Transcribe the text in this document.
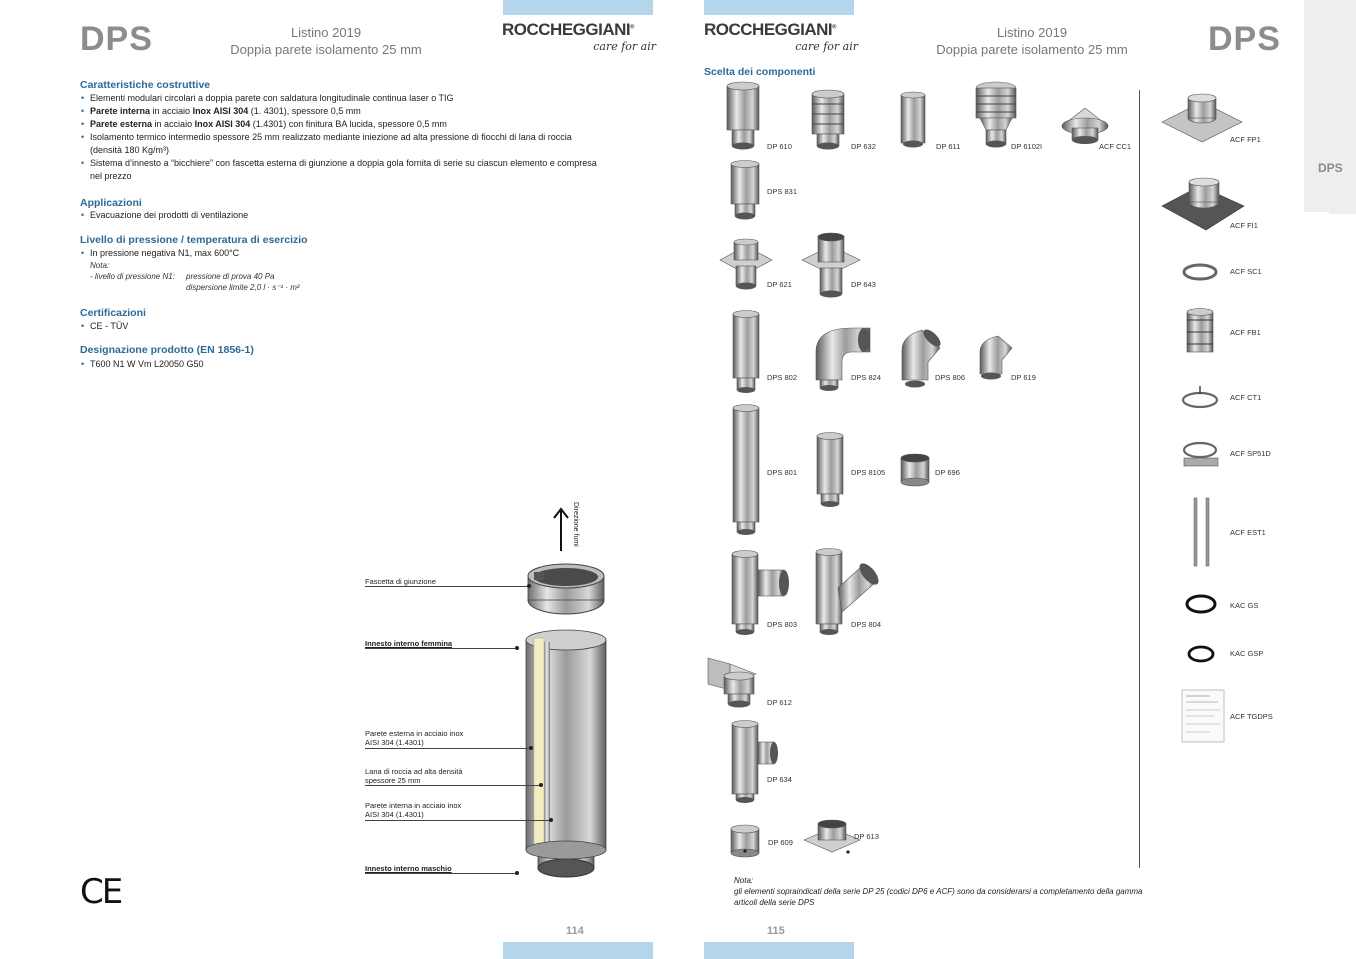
DPS	Listino 2019
Doppia parete isolamento 25 mm
ROCCHEGGIANI®
care for air
Caratteristiche costruttive
• Elementi modulari circolari a doppia parete con saldatura longitudinale continua laser o TIG
• Parete interna in acciaio Inox AISI 304 (1. 4301), spessore 0,5 mm
• Parete esterna in acciaio Inox AISI 304 (1.4301) con finitura BA lucida, spessore 0,5 mm
• Isolamento termico intermedio spessore 25 mm realizzato mediante iniezione ad alta pressione di fiocchi di lana di roccia
(densità 180 Kg/m³)
• Sistema d’innesto a “bicchiere” con fascetta esterna di giunzione a doppia gola fornita di serie su ciascun elemento e compresa
nel prezzo
Applicazioni
• Evacuazione dei prodotti di ventilazione
Livello di pressione / temperatura di esercizio
• In pressione negativa N1, max 600°C
Nota:
- livello di pressione N1: pressione di prova 40 Pa
dispersione limite 2,0 l · s⁻¹ · m²
Certificazioni
• CE - TÜV
Designazione prodotto (EN 1856-1)
• T600 N1 W Vm L20050 G50
Direzione fumi
Fascetta di giunzione
Innesto interno femmina
Parete esterna in acciaio inox
AISI 304 (1.4301)
Lana di roccia ad alta densità
spessore 25 mm
Parete interna in acciaio inox
AISI 304 (1.4301)
Innesto interno maschio
CE
114
DPS
ROCCHEGGIANI®
care for air
Listino 2019
Doppia parete isolamento 25 mm	DPS
Scelta dei componenti
DP 610	DP 632	DP 611	DP 6102I	ACF CC1
DPS 831
DP 621	DP 643
DPS 802	DPS 824	DPS 806	DP 619
DPS 801	DPS 8105	DP 696
DPS 803	DPS 804
DP 612
DP 634
DP 609
DP 613
ACF FP1
ACF FI1
ACF SC1
ACF FB1
ACF CT1
ACF SP51D
ACF EST1
KAC GS
KAC GSP
ACF TGDPS
Nota:
gli elementi sopraindicati della serie DP 25 (codici DP6 e ACF) sono da considerarsi a completamento della gamma articoli della serie DPS
115
